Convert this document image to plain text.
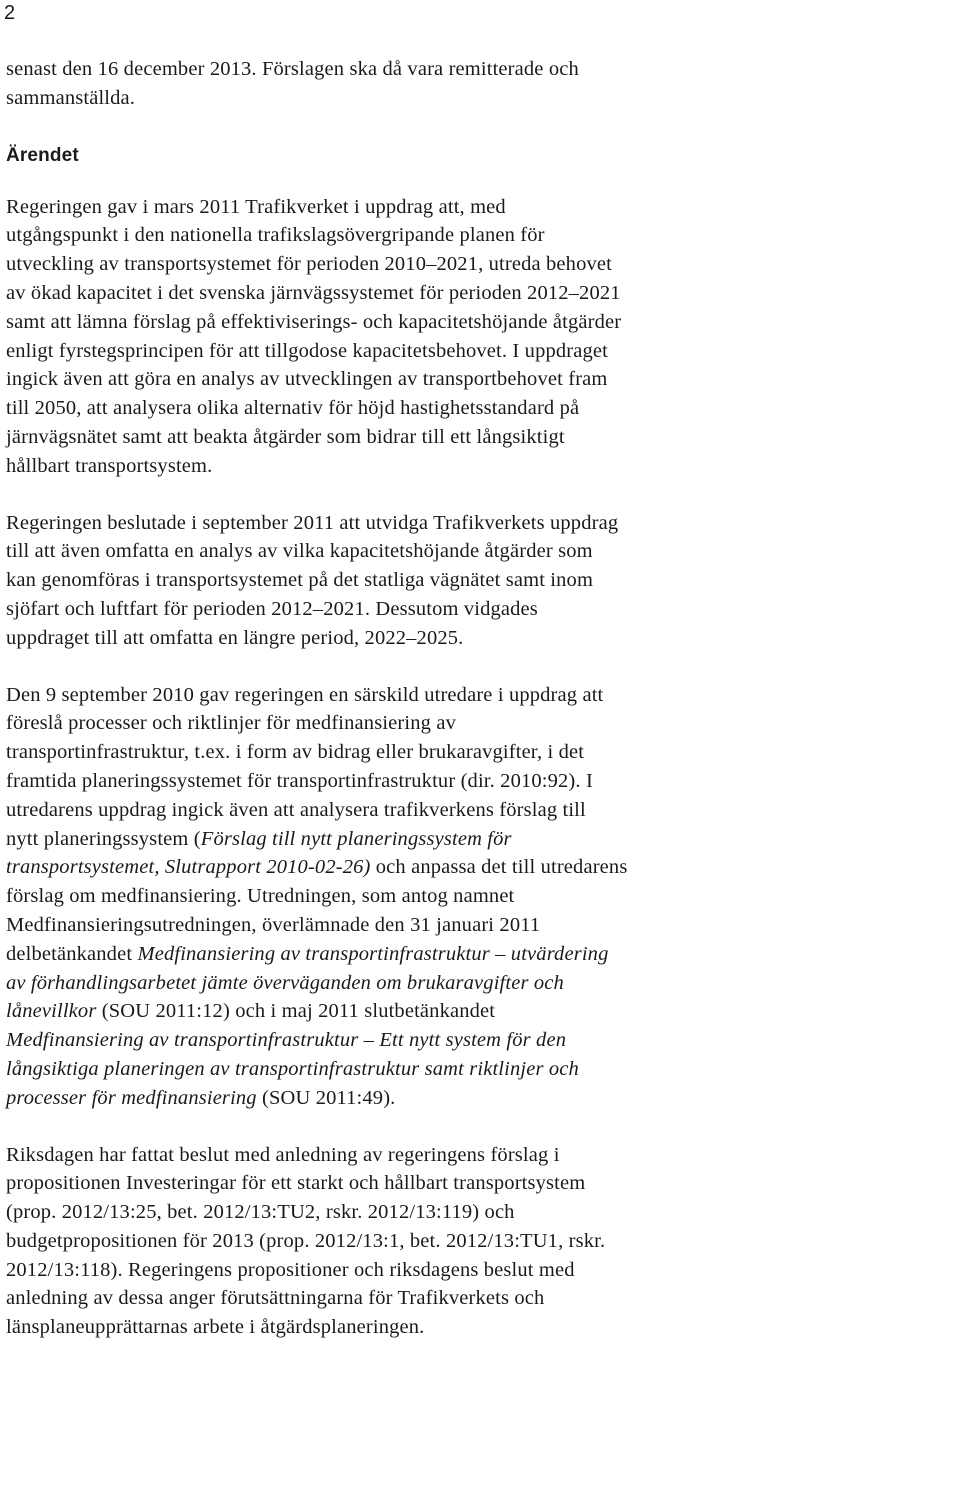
2

senast den 16 december 2013. Förslagen ska då vara remitterade och
sammanställda.

Ärendet

Regeringen gav i mars 2011 Trafikverket i uppdrag att, med
utgångspunkt i den nationella trafikslagsövergripande planen för
utveckling av transportsystemet för perioden 2010–2021, utreda behovet
av ökad kapacitet i det svenska järnvägssystemet för perioden 2012–2021
samt att lämna förslag på effektiviserings- och kapacitetshöjande åtgärder
enligt fyrstegsprincipen för att tillgodose kapacitetsbehovet. I uppdraget
ingick även att göra en analys av utvecklingen av transportbehovet fram
till 2050, att analysera olika alternativ för höjd hastighetsstandard på
järnvägsnätet samt att beakta åtgärder som bidrar till ett långsiktigt
hållbart transportsystem.

Regeringen beslutade i september 2011 att utvidga Trafikverkets uppdrag
till att även omfatta en analys av vilka kapacitetshöjande åtgärder som
kan genomföras i transportsystemet på det statliga vägnätet samt inom
sjöfart och luftfart för perioden 2012–2021. Dessutom vidgades
uppdraget till att omfatta en längre period, 2022–2025.

Den 9 september 2010 gav regeringen en särskild utredare i uppdrag att
föreslå processer och riktlinjer för medfinansiering av
transportinfrastruktur, t.ex. i form av bidrag eller brukaravgifter, i det
framtida planeringssystemet för transportinfrastruktur (dir. 2010:92). I
utredarens uppdrag ingick även att analysera trafikverkens förslag till
nytt planeringssystem (Förslag till nytt planeringssystem för
transportsystemet, Slutrapport 2010-02-26) och anpassa det till utredarens
förslag om medfinansiering. Utredningen, som antog namnet
Medfinansieringsutredningen, överlämnade den 31 januari 2011
delbetänkandet Medfinansiering av transportinfrastruktur – utvärdering
av förhandlingsarbetet jämte överväganden om brukaravgifter och
lånevillkor (SOU 2011:12) och i maj 2011 slutbetänkandet
Medfinansiering av transportinfrastruktur – Ett nytt system för den
långsiktiga planeringen av transportinfrastruktur samt riktlinjer och
processer för medfinansiering (SOU 2011:49).

Riksdagen har fattat beslut med anledning av regeringens förslag i
propositionen Investeringar för ett starkt och hållbart transportsystem
(prop. 2012/13:25, bet. 2012/13:TU2, rskr. 2012/13:119) och
budgetpropositionen för 2013 (prop. 2012/13:1, bet. 2012/13:TU1, rskr.
2012/13:118). Regeringens propositioner och riksdagens beslut med
anledning av dessa anger förutsättningarna för Trafikverkets och
länsplaneupprättarnas arbete i åtgärdsplaneringen.
